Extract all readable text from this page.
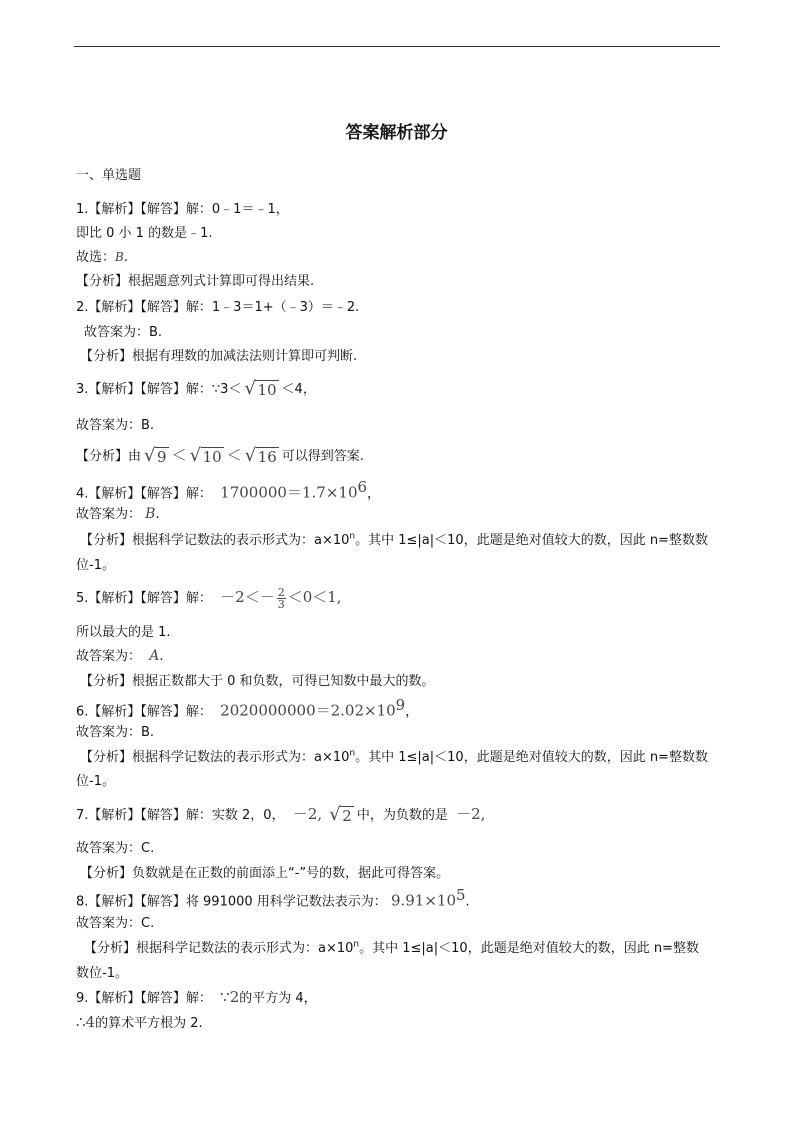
答案解析部分
一、单选题
1.【解析】【解答】解：0﹣1＝﹣1，
即比 0 小 1 的数是﹣1.
故选：B.
【分析】根据题意列式计算即可得出结果.
2.【解析】【解答】解：1﹣3＝1+（﹣3）＝﹣2.
故答案为：B.
【分析】根据有理数的加减法法则计算即可判断.
3.【解析】【解答】解：∵3＜ √ 10 ＜4，
故答案为：B.
【分析】由 √ 9 ＜ √ 10 ＜ √ 16 可以得到答案.
4.【解析】【解答】解： $1700000=1.7\times 10^6$，
故答案为： B.
【分析】根据科学记数法的表示形式为：$a\times 10^n$。其中 1≤|a|＜10，此题是绝对值较大的数，因此 n=整数数
位-1。
5.【解析】【解答】解： $-2<- \frac{2}{3} <0<1$,
所以最大的是 1.
故答案为： A.
【分析】根据正数都大于 0 和负数，可得已知数中最大的数。
6.【解析】【解答】解： $2020000000=2.02\times 10^9$，
故答案为：B.
【分析】根据科学记数法的表示形式为：$a\times 10^n$。其中 1≤|a|＜10，此题是绝对值较大的数，因此 n=整数数
位-1。
7.【解析】【解答】解：实数 2，0， －2, √ 2 中，为负数的是 －2,
故答案为：C.
【分析】负数就是在正数的前面添上“-”号的数，据此可得答案。
8.【解析】【解答】将 991000 用科学记数法表示为： $9.91\times 10^5$.
故答案为：C.
【分析】根据科学记数法的表示形式为：$a\times 10^n$。其中 1≤|a|＜10，此题是绝对值较大的数，因此 n=整数
数位-1。
9.【解析】【解答】解： ∵2的平方为 4，
∴4的算术平方根为 2.
